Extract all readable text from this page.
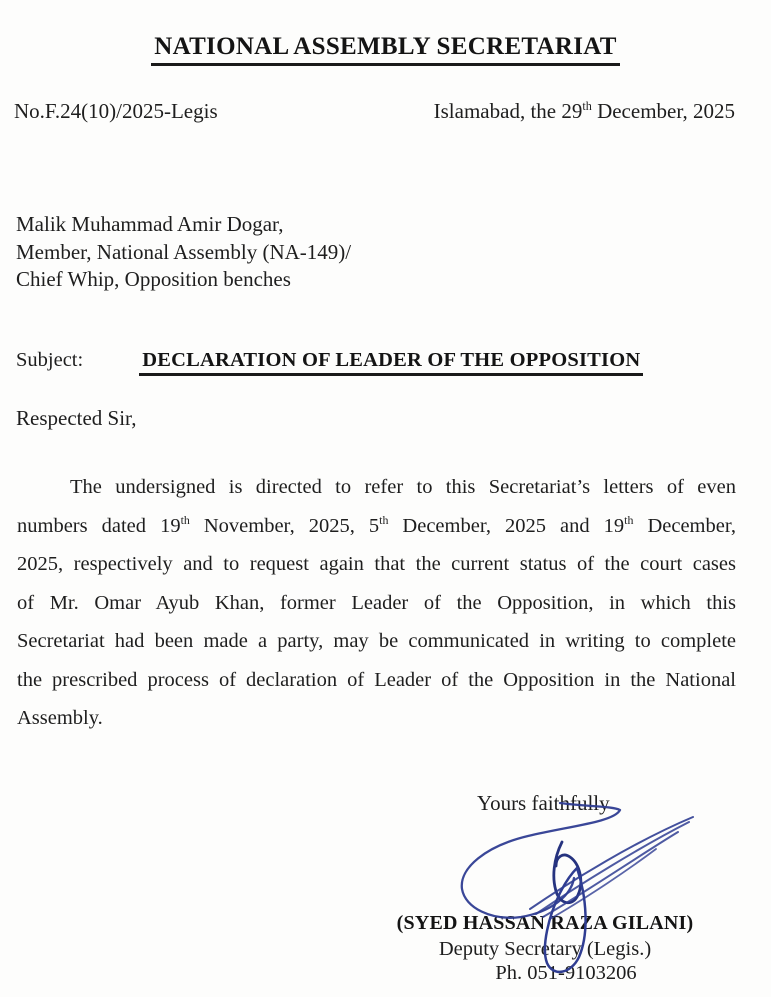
NATIONAL ASSEMBLY SECRETARIAT
No.F.24(10)/2025-Legis	Islamabad, the 29th December, 2025
Malik Muhammad Amir Dogar,
Member, National Assembly (NA-149)/
Chief Whip, Opposition benches
Subject:	DECLARATION OF LEADER OF THE OPPOSITION
Respected Sir,
The undersigned is directed to refer to this Secretariat’s letters of even
numbers dated 19th November, 2025, 5th December, 2025 and 19th December,
2025, respectively and to request again that the current status of the court cases
of Mr. Omar Ayub Khan, former Leader of the Opposition, in which this
Secretariat had been made a party, may be communicated in writing to complete
the prescribed process of declaration of Leader of the Opposition in the National
Assembly.
Yours faithfully
(SYED HASSAN RAZA GILANI)
Deputy Secretary (Legis.)
Ph. 051-9103206
